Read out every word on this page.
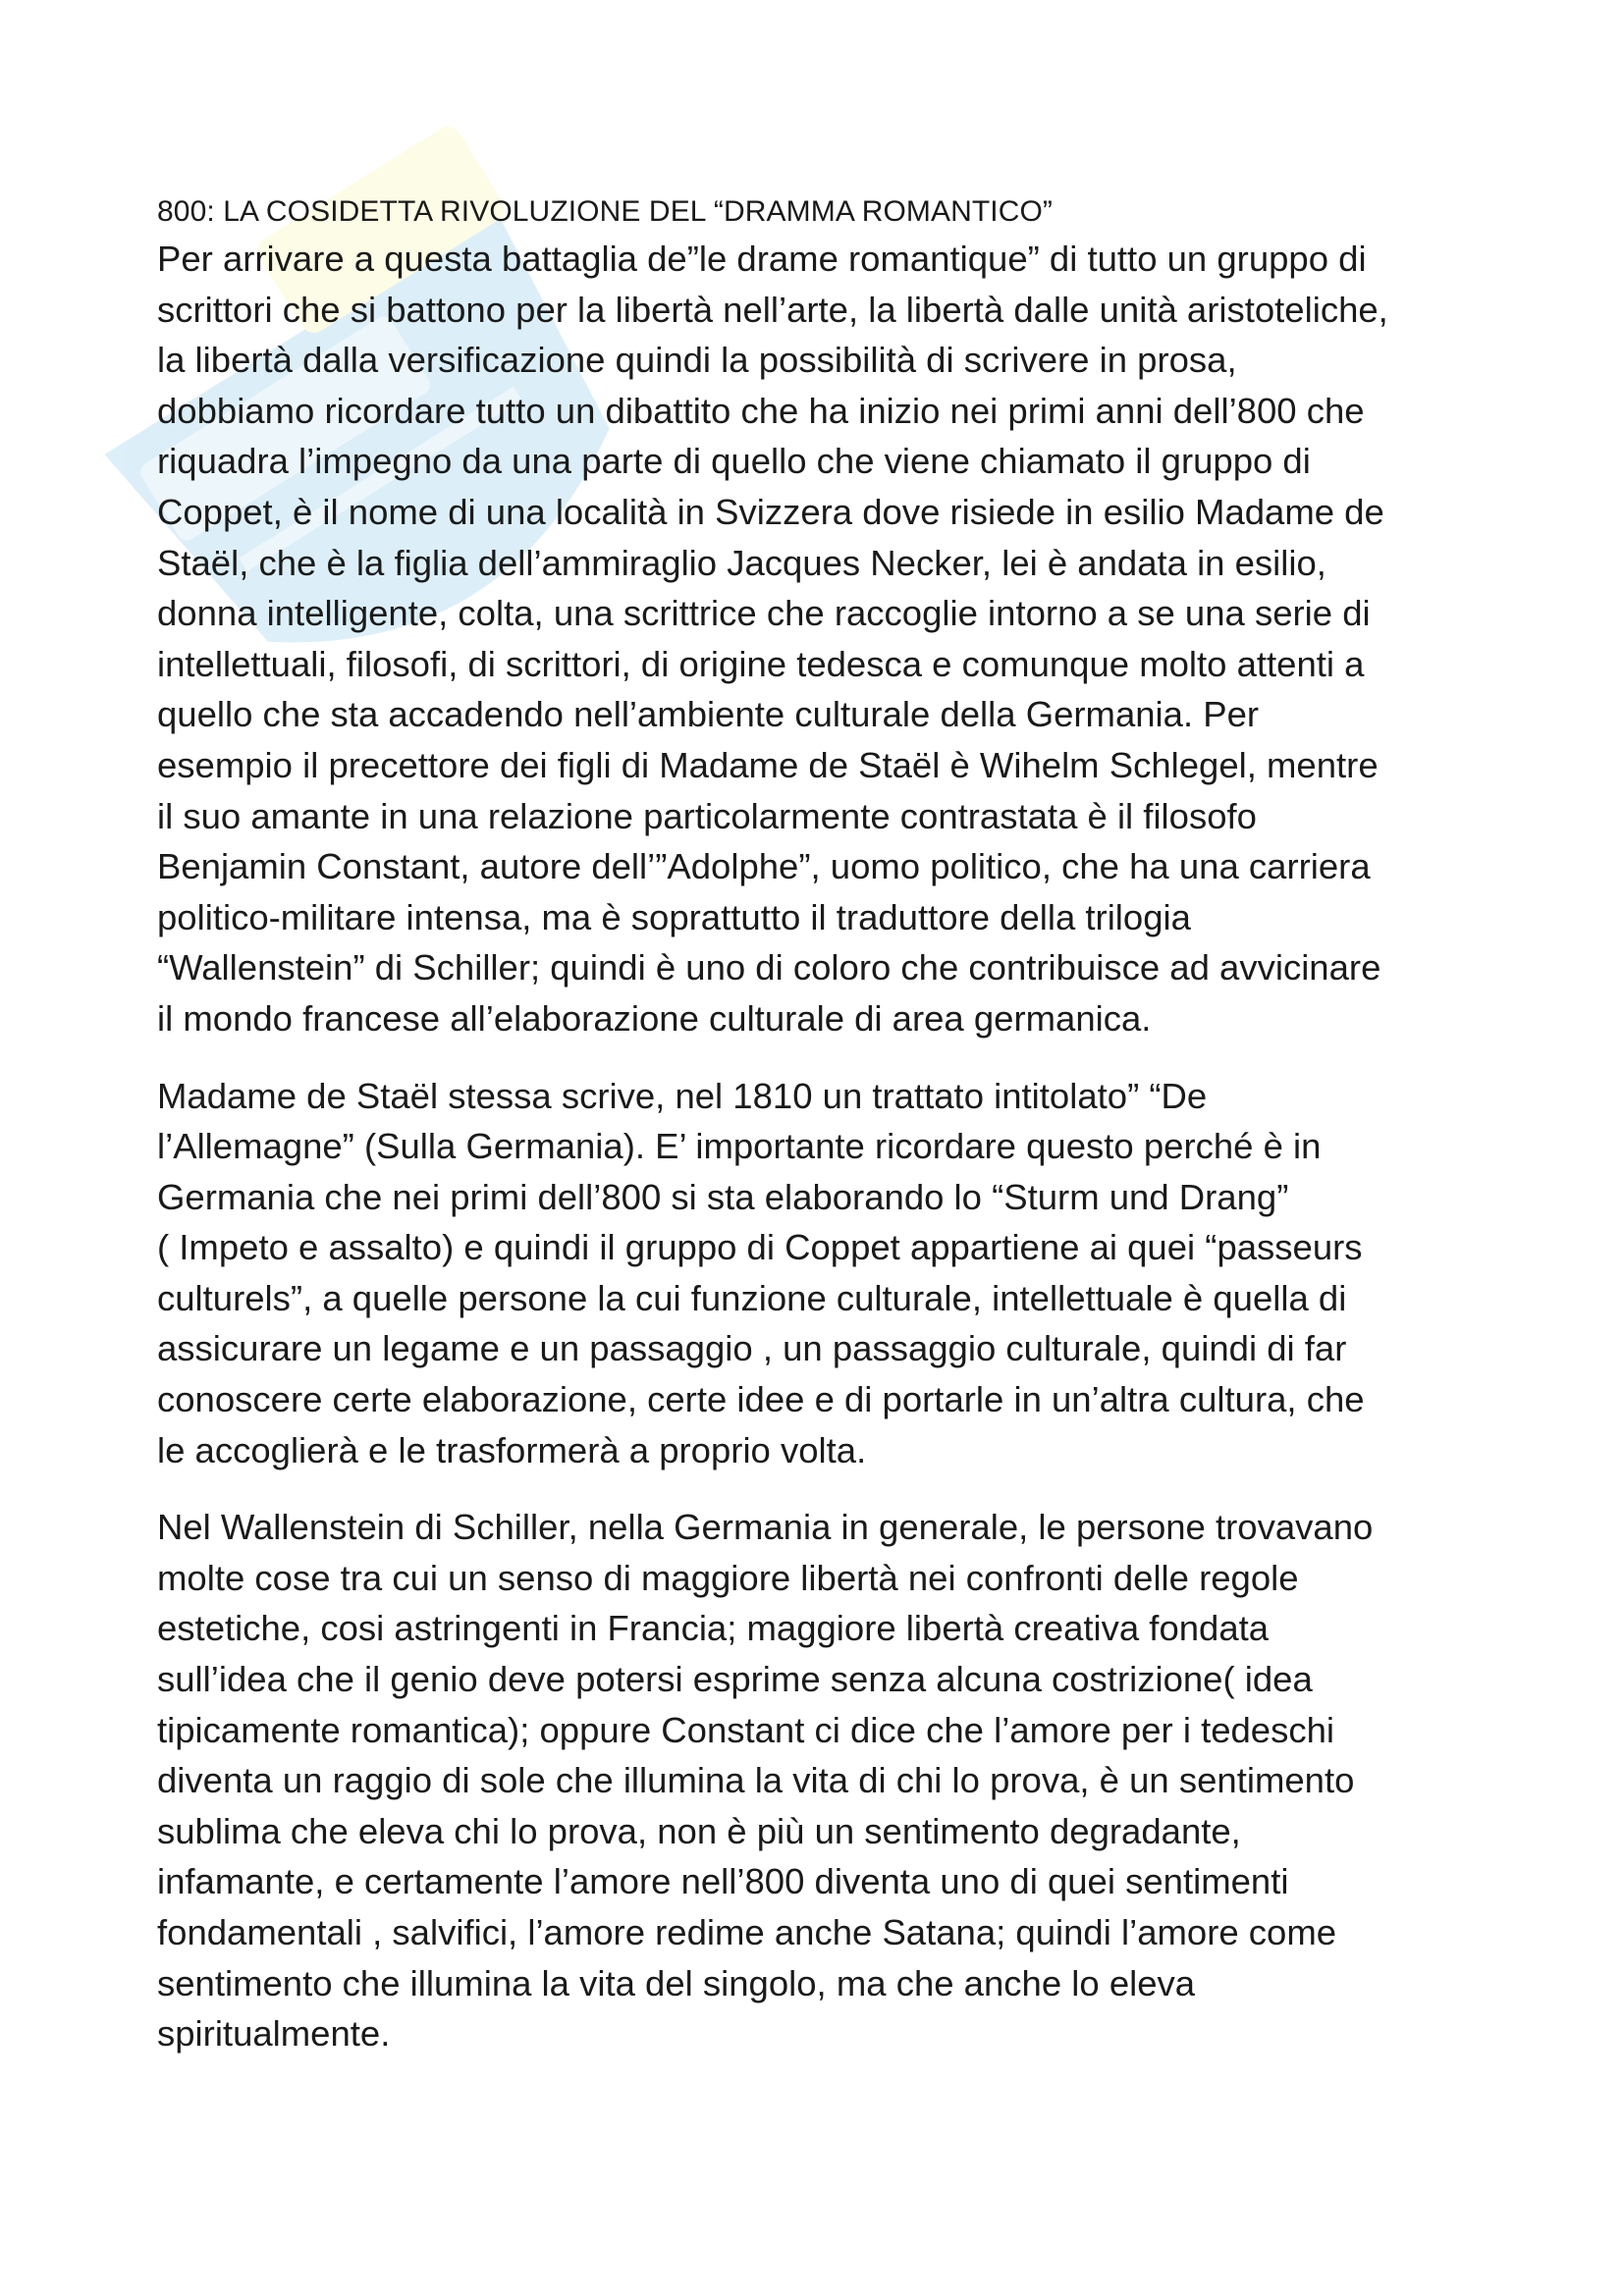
800: LA COSIDETTA RIVOLUZIONE DEL “DRAMMA ROMANTICO”

Per arrivare a questa battaglia de”le drame romantique” di tutto un gruppo di
scrittori che si battono per la libertà nell’arte, la libertà dalle unità aristoteliche,
la libertà dalla versificazione quindi la possibilità di scrivere in prosa,
dobbiamo ricordare tutto un dibattito che ha inizio nei primi anni dell’800 che
riquadra l’impegno da una parte di quello che viene chiamato il gruppo di
Coppet, è il nome di una località in Svizzera dove risiede in esilio Madame de
Staël, che è la figlia dell’ammiraglio Jacques Necker, lei è andata in esilio,
donna intelligente, colta, una scrittrice che raccoglie intorno a se una serie di
intellettuali, filosofi, di scrittori, di origine tedesca e comunque molto attenti a
quello che sta accadendo nell’ambiente culturale della Germania. Per
esempio il precettore dei figli di Madame de Staël è Wihelm Schlegel, mentre
il suo amante in una relazione particolarmente contrastata è il filosofo
Benjamin Constant, autore dell’”Adolphe”, uomo politico, che ha una carriera
politico-militare intensa, ma è soprattutto il traduttore della trilogia
“Wallenstein” di Schiller; quindi è uno di coloro che contribuisce ad avvicinare
il mondo francese all’elaborazione culturale di area germanica.

Madame de Staël stessa scrive, nel 1810 un trattato intitolato” “De
l’Allemagne” (Sulla Germania). E’ importante ricordare questo perché è in
Germania che nei primi dell’800 si sta elaborando lo “Sturm und Drang”
( Impeto e assalto) e quindi il gruppo di Coppet appartiene ai quei “passeurs
culturels”, a quelle persone la cui funzione culturale, intellettuale è quella di
assicurare un legame e un passaggio , un passaggio culturale, quindi di far
conoscere certe elaborazione, certe idee e di portarle in un’altra cultura, che
le accoglierà e le trasformerà a proprio volta.

Nel Wallenstein di Schiller, nella Germania in generale, le persone trovavano
molte cose tra cui un senso di maggiore libertà nei confronti delle regole
estetiche, cosi astringenti in Francia; maggiore libertà creativa fondata
sull’idea che il genio deve potersi esprime senza alcuna costrizione( idea
tipicamente romantica); oppure Constant ci dice che l’amore per i tedeschi
diventa un raggio di sole che illumina la vita di chi lo prova, è un sentimento
sublima che eleva chi lo prova, non è più un sentimento degradante,
infamante, e certamente l’amore nell’800 diventa uno di quei sentimenti
fondamentali , salvifici, l’amore redime anche Satana; quindi l’amore come
sentimento che illumina la vita del singolo, ma che anche lo eleva
spiritualmente.
